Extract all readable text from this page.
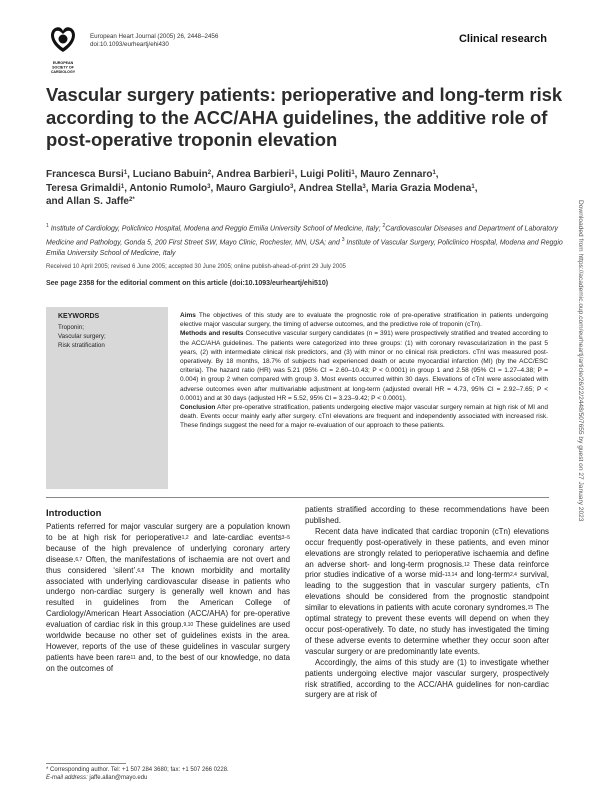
EUROPEAN
SOCIETY OF
CARDIOLOGY
European Heart Journal (2005) 26, 2448–2456
doi:10.1093/eurheartj/ehi430	Clinical research
Vascular surgery patients: perioperative and long-term risk according to the ACC/AHA guidelines, the additive role of post-operative troponin elevation
Francesca Bursi$^1$, Luciano Babuin$^2$, Andrea Barbieri$^1$, Luigi Politi$^1$, Mauro Zennaro$^1$,
Teresa Grimaldi$^1$, Antonio Rumolo$^3$, Mauro Gargiulo$^3$, Andrea Stella$^3$, Maria Grazia Modena$^1$,
and Allan S. Jaffe$^{2*}$
$^1$ Institute of Cardiology, Policlinico Hospital, Modena and Reggio Emilia University School of Medicine, Italy; $^2$Cardiovascular Diseases and Department of Laboratory Medicine and Pathology, Gonda 5, 200 First Street SW, Mayo Clinic, Rochester, MN, USA; and $^3$ Institute of Vascular Surgery, Policlinico Hospital, Modena and Reggio Emilia University School of Medicine, Italy
Received 10 April 2005; revised 6 June 2005; accepted 30 June 2005; online publish-ahead-of-print 29 July 2005
See page 2358 for the editorial comment on this article (doi:10.1093/eurheartj/ehi510)
KEYWORDS
Troponin;
Vascular surgery;
Risk stratification

Aims The objectives of this study are to evaluate the prognostic role of pre-operative stratification in patients undergoing elective major vascular surgery, the timing of adverse outcomes, and the predictive role of troponin (cTn).

Methods and results Consecutive vascular surgery candidates (n = 391) were prospectively stratified and treated according to the ACC/AHA guidelines. The patients were categorized into three groups: (1) with coronary revascularization in the past 5 years, (2) with intermediate clinical risk predictors, and (3) with minor or no clinical risk predictors. cTnI was measured post-operatively. By 18 months, 18.7% of subjects had experienced death or acute myocardial infarction (MI) (by the ACC/ESC criteria). The hazard ratio (HR) was 5.21 (95% CI = 2.60–10.43; P < 0.0001) in group 1 and 2.58 (95% CI = 1.27–4.38; P = 0.004) in group 2 when compared with group 3. Most events occurred within 30 days. Elevations of cTnI were associated with adverse outcomes even after multivariable adjustment at long-term (adjusted overall HR = 4.73, 95% CI = 2.92–7.65; P < 0.0001) and at 30 days (adjusted HR = 5.52, 95% CI = 3.23–9.42; P < 0.0001).

Conclusion After pre-operative stratification, patients undergoing elective major vascular surgery remain at high risk of MI and death. Events occur mainly early after surgery. cTnI elevations are frequent and independently associated with increased risk. These findings suggest the need for a major re-evaluation of our approach to these patients.

Introduction
Patients referred for major vascular surgery are a population known to be at high risk for perioperative$^{1,2}$ and late-cardiac events$^{3-5}$ because of the high prevalence of underlying coronary artery disease.$^{6,7}$ Often, the manifestations of ischaemia are not overt and thus considered ‘silent’.$^{6,8}$ The known morbidity and mortality associated with underlying cardiovascular disease in patients who undergo non-cardiac surgery is generally well known and has resulted in guidelines from the American College of Cardiology/American Heart Association (ACC/AHA) for pre-operative evaluation of cardiac risk in this group.$^{9,10}$ These guidelines are used worldwide because no other set of guidelines exists in the area. However, reports of the use of these guidelines in vascular surgery patients have been rare$^{11}$ and, to the best of our knowledge, no data on the outcomes of

patients stratified according to these recommendations have been published.

Recent data have indicated that cardiac troponin (cTn) elevations occur frequently post-operatively in these patients, and even minor elevations are strongly related to perioperative ischaemia and define an adverse short- and long-term prognosis.$^{12}$ These data reinforce prior studies indicative of a worse mid-$^{13,14}$ and long-term$^{2,4}$ survival, leading to the suggestion that in vascular surgery patients, cTn elevations should be considered from the prognostic standpoint similar to elevations in patients with acute coronary syndromes.$^{15}$ The optimal strategy to prevent these events will depend on when they occur post-operatively. To date, no study has investigated the timing of these adverse events to determine whether they occur soon after vascular surgery or are predominantly late events.

Accordingly, the aims of this study are (1) to investigate whether patients undergoing elective major vascular surgery, prospectively risk stratified, according to the ACC/AHA guidelines for non-cardiac surgery are at risk of

* Corresponding author. Tel: +1 507 284 3680; fax: +1 507 266 0228.
E-mail address: jaffe.allan@mayo.edu
Downloaded from https://academic.oup.com/eurheartj/article/26/22/2448/507655 by guest on 27 January 2023
